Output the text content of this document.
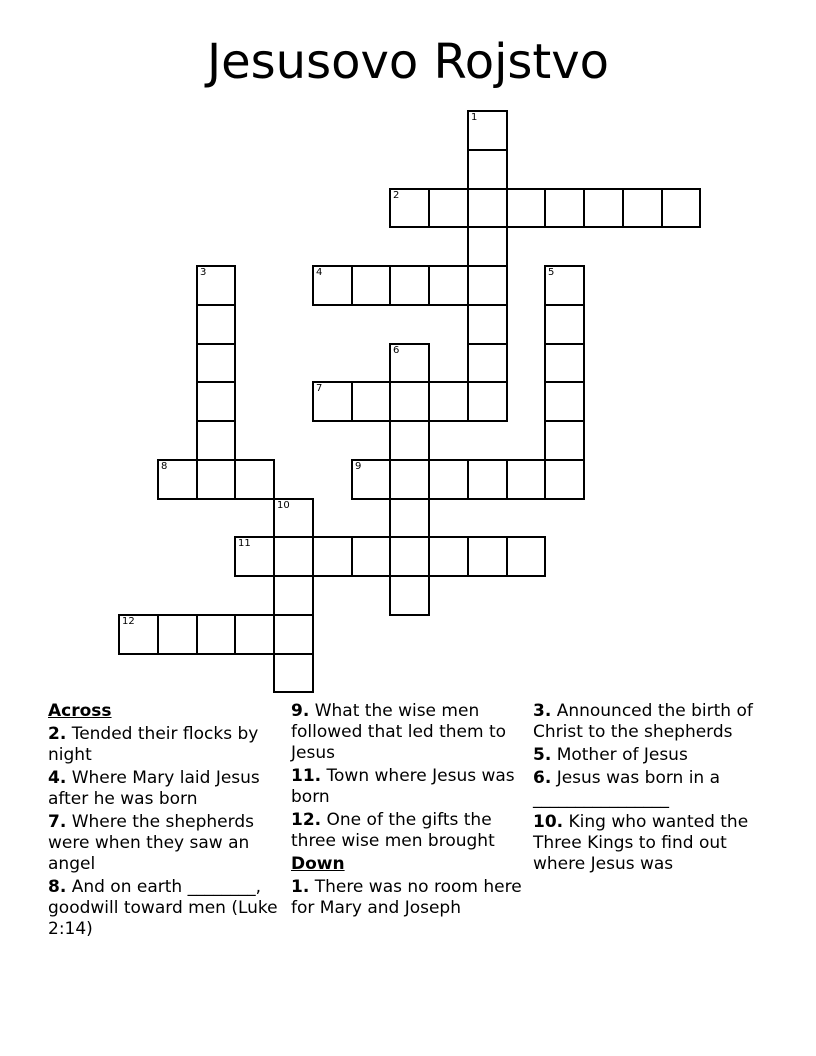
Jesusovo Rojstvo
1
2
3	4	5
6
7
8	9
10
11
12
Across
2. Tended their flocks by night
4. Where Mary laid Jesus after he was born
7. Where the shepherds were when they saw an angel
8. And on earth ________, goodwill toward men (Luke 2:14)
9. What the wise men followed that led them to Jesus
11. Town where Jesus was born
12. One of the gifts the three wise men brought
Down
1. There was no room here for Mary and Joseph
3. Announced the birth of Christ to the shepherds
5. Mother of Jesus
6. Jesus was born in a ________________
10. King who wanted the Three Kings to find out where Jesus was
